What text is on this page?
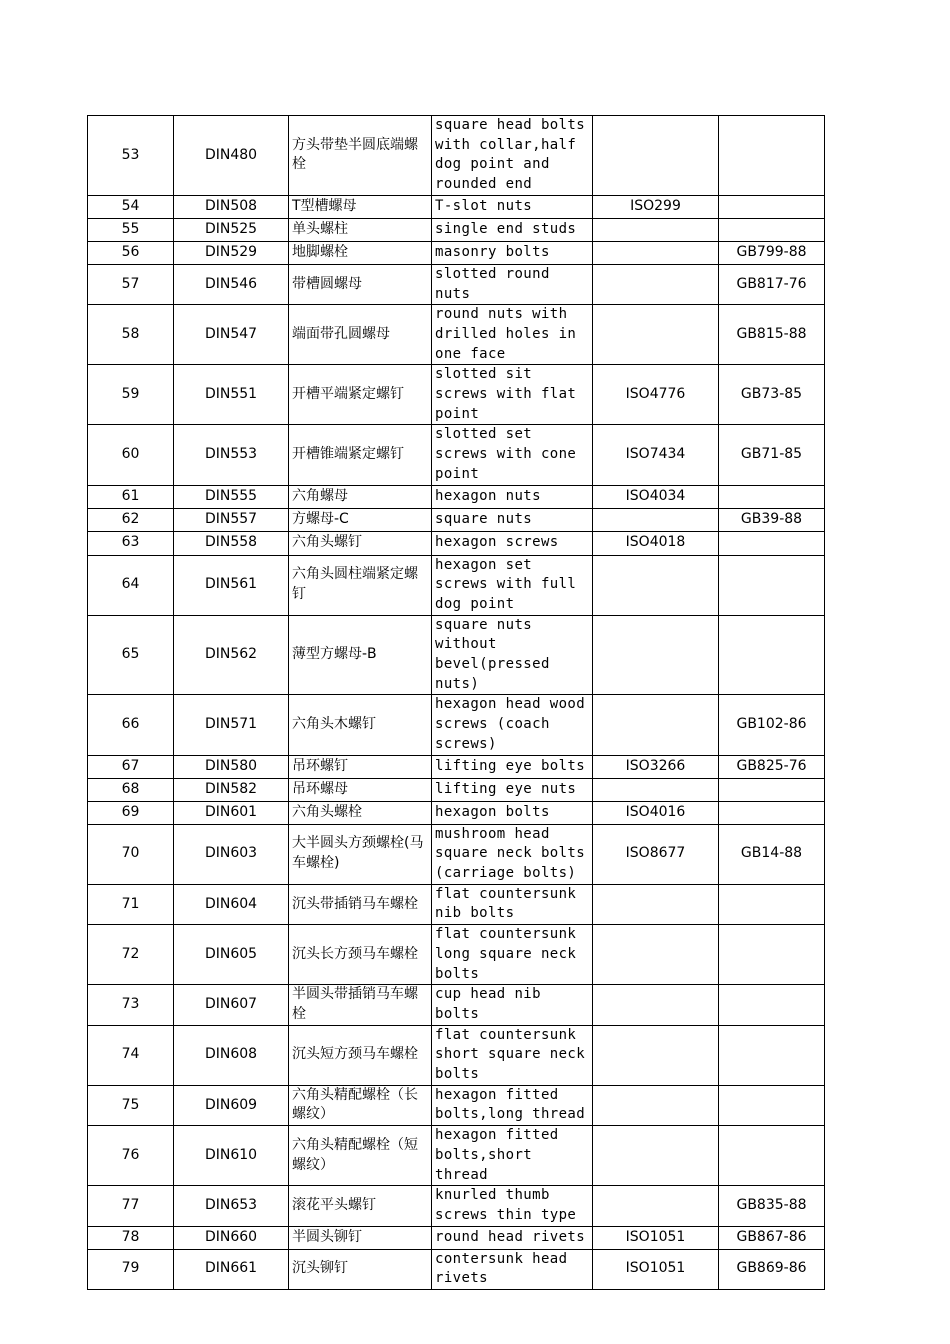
53	DIN480	方头带垫半圆底端螺栓	square head bolts with collar,half dog point and rounded end		
54	DIN508	T型槽螺母	T-slot nuts	ISO299	
55	DIN525	单头螺柱	single end studs		
56	DIN529	地脚螺栓	masonry bolts		GB799-88
57	DIN546	带槽圆螺母	slotted round nuts		GB817-76
58	DIN547	端面带孔圆螺母	round nuts with drilled holes in one face		GB815-88
59	DIN551	开槽平端紧定螺钉	slotted sit screws with flat point	ISO4776	GB73-85
60	DIN553	开槽锥端紧定螺钉	slotted set screws with cone point	ISO7434	GB71-85
61	DIN555	六角螺母	hexagon nuts	ISO4034	
62	DIN557	方螺母-C	square nuts		GB39-88
63	DIN558	六角头螺钉	hexagon screws	ISO4018	
64	DIN561	六角头圆柱端紧定螺钉	hexagon set screws with full dog point		
65	DIN562	薄型方螺母-B	square nuts without bevel(pressed nuts)		
66	DIN571	六角头木螺钉	hexagon head wood screws (coach screws)		GB102-86
67	DIN580	吊环螺钉	lifting eye bolts	ISO3266	GB825-76
68	DIN582	吊环螺母	lifting eye nuts		
69	DIN601	六角头螺栓	hexagon bolts	ISO4016	
70	DIN603	大半圆头方颈螺栓(马车螺栓)	mushroom head square neck bolts (carriage bolts)	ISO8677	GB14-88
71	DIN604	沉头带插销马车螺栓	flat countersunk nib bolts		
72	DIN605	沉头长方颈马车螺栓	flat countersunk long square neck bolts		
73	DIN607	半圆头带插销马车螺栓	cup head nib bolts		
74	DIN608	沉头短方颈马车螺栓	flat countersunk short square neck bolts		
75	DIN609	六角头精配螺栓（长螺纹）	hexagon fitted bolts,long thread		
76	DIN610	六角头精配螺栓（短螺纹）	hexagon fitted bolts,short thread		
77	DIN653	滚花平头螺钉	knurled thumb screws thin type		GB835-88
78	DIN660	半圆头铆钉	round head rivets	ISO1051	GB867-86
79	DIN661	沉头铆钉	contersunk head rivets	ISO1051	GB869-86
